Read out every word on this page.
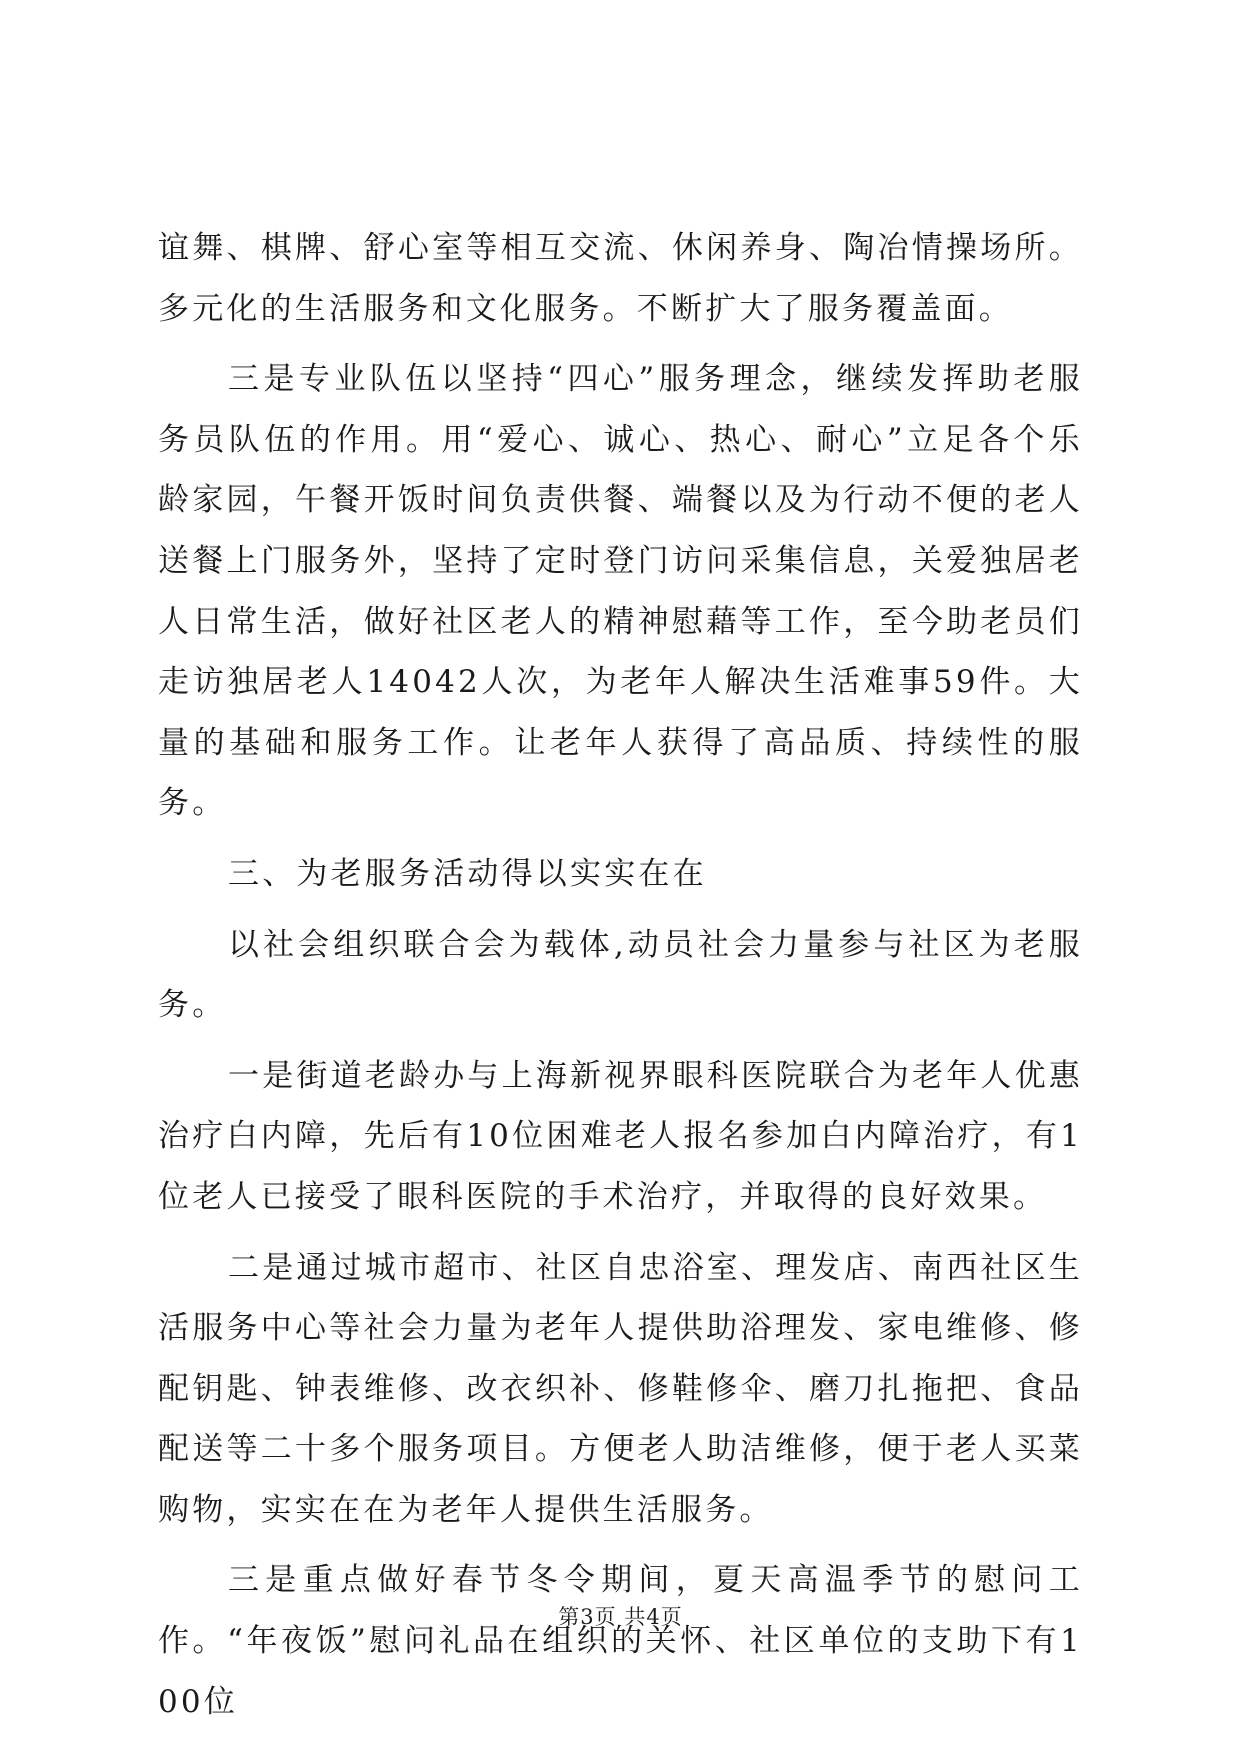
谊舞、棋牌、舒心室等相互交流、休闲养身、陶冶情操场所。多元化的生活服务和文化服务。不断扩大了服务覆盖面。

三是专业队伍以坚持“四心”服务理念，继续发挥助老服务员队伍的作用。用“爱心、诚心、热心、耐心”立足各个乐龄家园，午餐开饭时间负责供餐、端餐以及为行动不便的老人送餐上门服务外，坚持了定时登门访问采集信息，关爱独居老人日常生活，做好社区老人的精神慰藉等工作，至今助老员们走访独居老人14042人次，为老年人解决生活难事59件。大量的基础和服务工作。让老年人获得了高品质、持续性的服务。

三、为老服务活动得以实实在在

以社会组织联合会为载体,动员社会力量参与社区为老服务。

一是街道老龄办与上海新视界眼科医院联合为老年人优惠治疗白内障，先后有10位困难老人报名参加白内障治疗，有1位老人已接受了眼科医院的手术治疗，并取得的良好效果。

二是通过城市超市、社区自忠浴室、理发店、南西社区生活服务中心等社会力量为老年人提供助浴理发、家电维修、修配钥匙、钟表维修、改衣织补、修鞋修伞、磨刀扎拖把、食品配送等二十多个服务项目。方便老人助洁维修，便于老人买菜购物，实实在在为老年人提供生活服务。

三是重点做好春节冬令期间，夏天高温季节的慰问工作。“年夜饭”慰问礼品在组织的关怀、社区单位的支助下有100位

第3页 共4页
